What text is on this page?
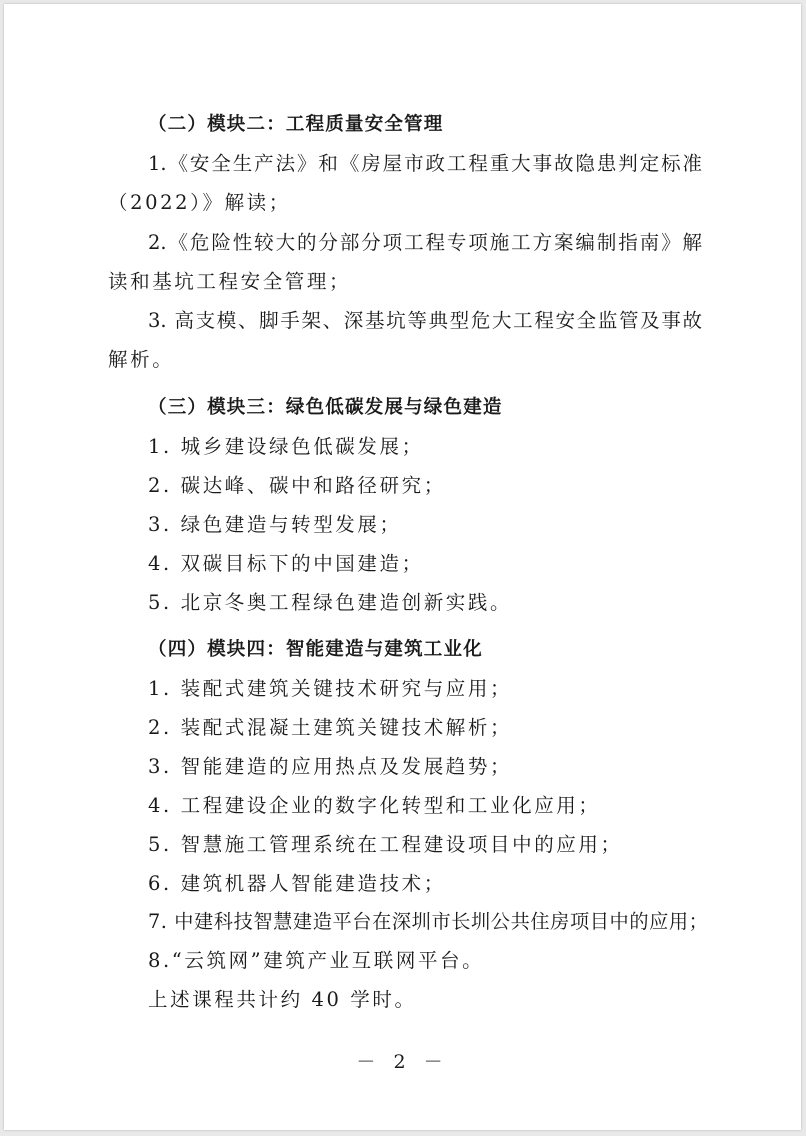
（二）模块二：工程质量安全管理
1.《安全生产法》和《房屋市政工程重大事故隐患判定标准
（2022）》解读；
2.《危险性较大的分部分项工程专项施工方案编制指南》解
读和基坑工程安全管理；
3. 高支模、脚手架、深基坑等典型危大工程安全监管及事故
解析。
（三）模块三：绿色低碳发展与绿色建造
1. 城乡建设绿色低碳发展；
2. 碳达峰、碳中和路径研究；
3. 绿色建造与转型发展；
4. 双碳目标下的中国建造；
5. 北京冬奥工程绿色建造创新实践。
（四）模块四：智能建造与建筑工业化
1. 装配式建筑关键技术研究与应用；
2. 装配式混凝土建筑关键技术解析；
3. 智能建造的应用热点及发展趋势；
4. 工程建设企业的数字化转型和工业化应用；
5. 智慧施工管理系统在工程建设项目中的应用；
6. 建筑机器人智能建造技术；
7. 中建科技智慧建造平台在深圳市长圳公共住房项目中的应用；
8.“云筑网”建筑产业互联网平台。
上述课程共计约 40 学时。
－ 2 －
